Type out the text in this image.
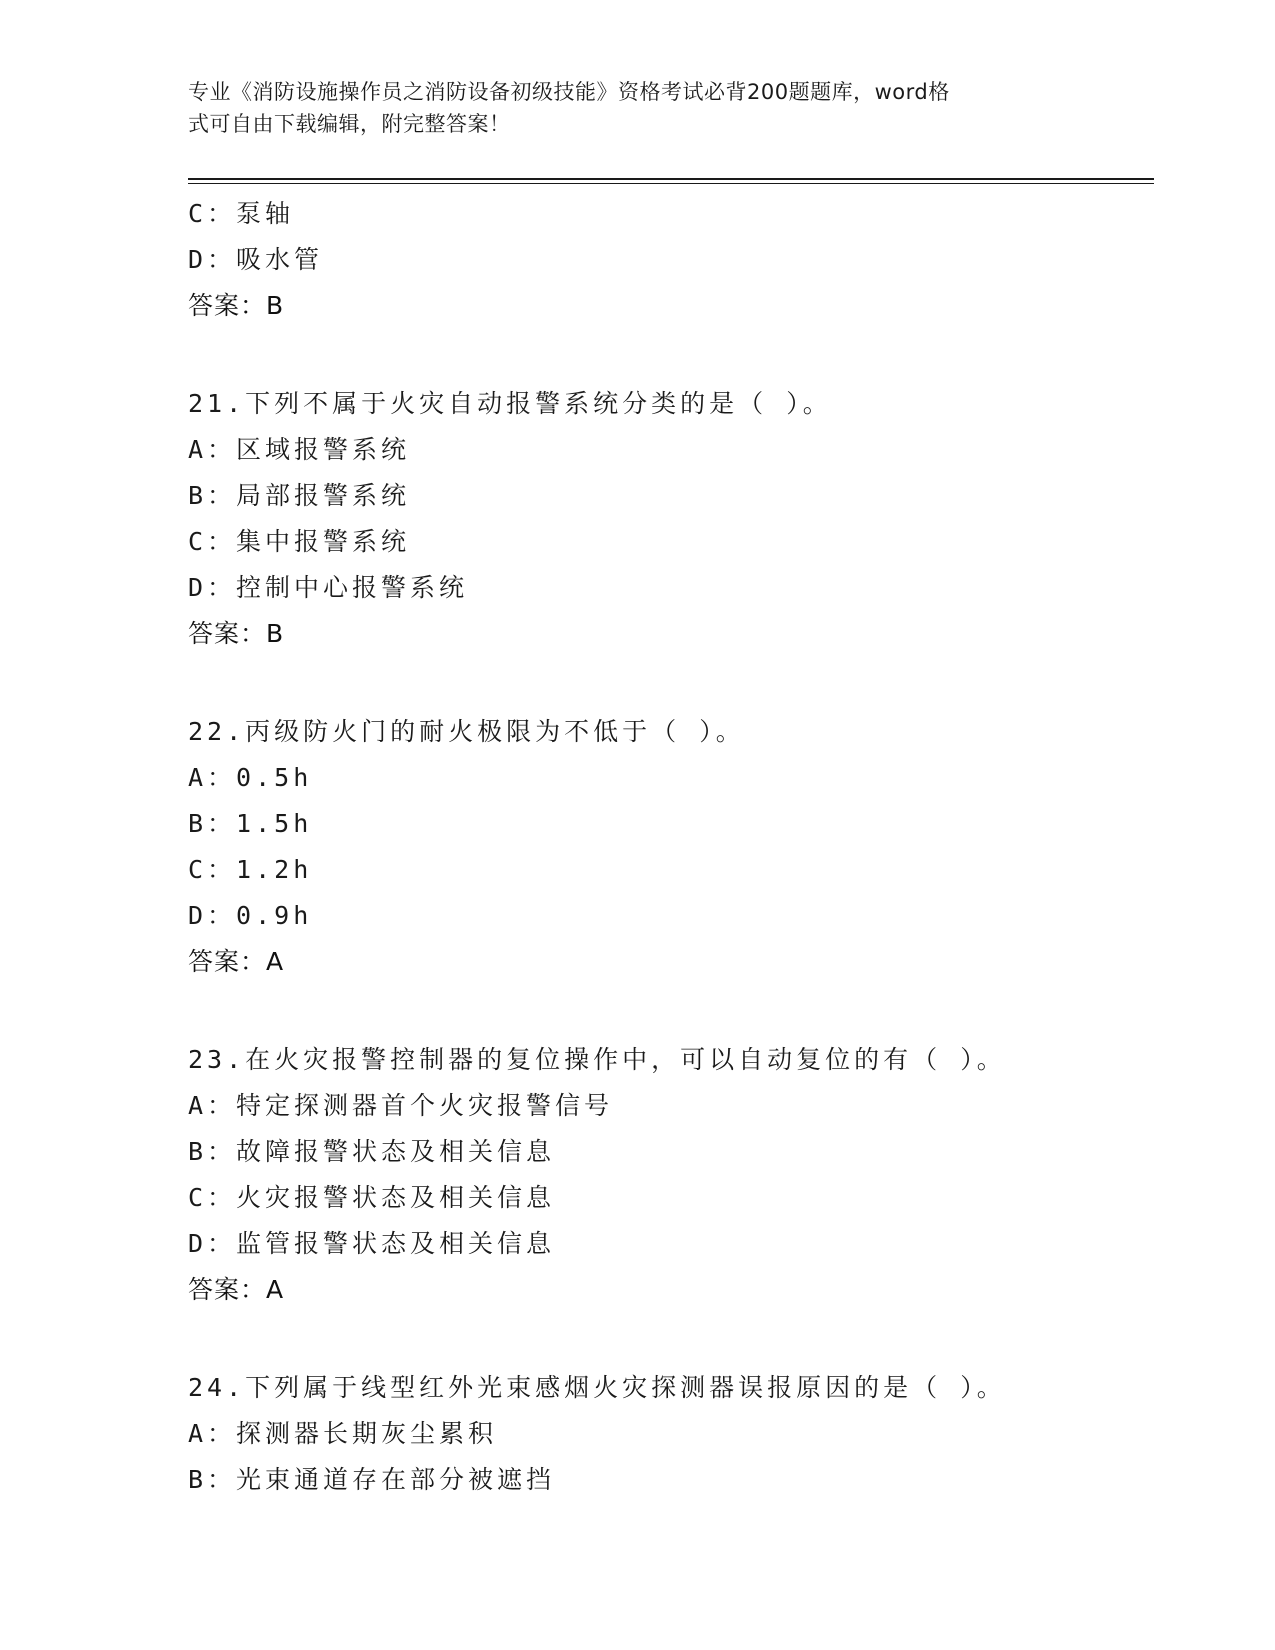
专业《消防设施操作员之消防设备初级技能》资格考试必背200题题库，word格
式可自由下载编辑，附完整答案！
C：泵轴
D：吸水管
答案：B
21.下列不属于火灾自动报警系统分类的是（ ）。
A：区域报警系统
B：局部报警系统
C：集中报警系统
D：控制中心报警系统
答案：B
22.丙级防火门的耐火极限为不低于（ ）。
A：0.5h
B：1.5h
C：1.2h
D：0.9h
答案：A
23.在火灾报警控制器的复位操作中，可以自动复位的有（ ）。
A：特定探测器首个火灾报警信号
B：故障报警状态及相关信息
C：火灾报警状态及相关信息
D：监管报警状态及相关信息
答案：A
24.下列属于线型红外光束感烟火灾探测器误报原因的是（ ）。
A：探测器长期灰尘累积
B：光束通道存在部分被遮挡
